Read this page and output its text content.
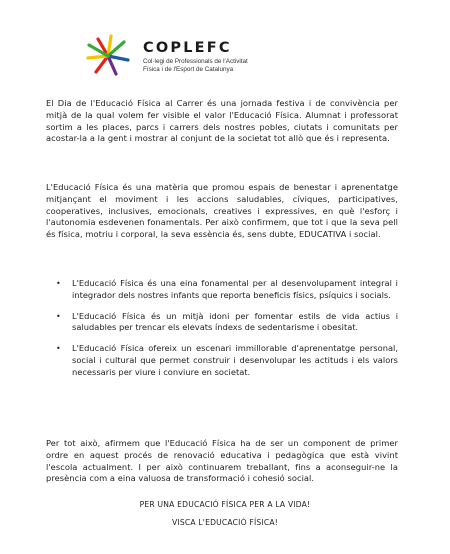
COPLEFC
Col·legi de Professionals de l'Activitat
Física i de l'Esport de Catalunya

El Dia de l'Educació Física al Carrer és una jornada festiva i de convivència per mitjà de la qual volem fer visible el valor l'Educació Física. Alumnat i professorat sortim a les places, parcs i carrers dels nostres pobles, ciutats i comunitats per acostar-la a la gent i mostrar al conjunt de la societat tot allò que és i representa.

L'Educació Física és una matèria que promou espais de benestar i aprenentatge mitjançant el moviment i les accions saludables, cíviques, participatives, cooperatives, inclusives, emocionals, creatives i expressives, en què l'esforç i l'autonomia esdevenen fonamentals. Per això confirmem, que tot i que la seva pell és física, motriu i corporal, la seva essència és, sens dubte, EDUCATIVA i social.

• L'Educació Física és una eina fonamental per al desenvolupament integral i integrador dels nostres infants que reporta beneficis físics, psíquics i socials.
• L'Educació Física és un mitjà idoni per fomentar estils de vida actius i saludables per trencar els elevats índexs de sedentarisme i obesitat.
• L'Educació Física ofereix un escenari immillorable d'aprenentatge personal, social i cultural que permet construir i desenvolupar les actituds i els valors necessaris per viure i conviure en societat.

Per tot això, afirmem que l'Educació Física ha de ser un component de primer ordre en aquest procés de renovació educativa i pedagògica que està vivint l'escola actualment. I per això continuarem treballant, fins a aconseguir-ne la presència com a eina valuosa de transformació i cohesió social.

PER UNA EDUCACIÓ FÍSICA PER A LA VIDA!
VISCA L'EDUCACIÓ FÍSICA!
